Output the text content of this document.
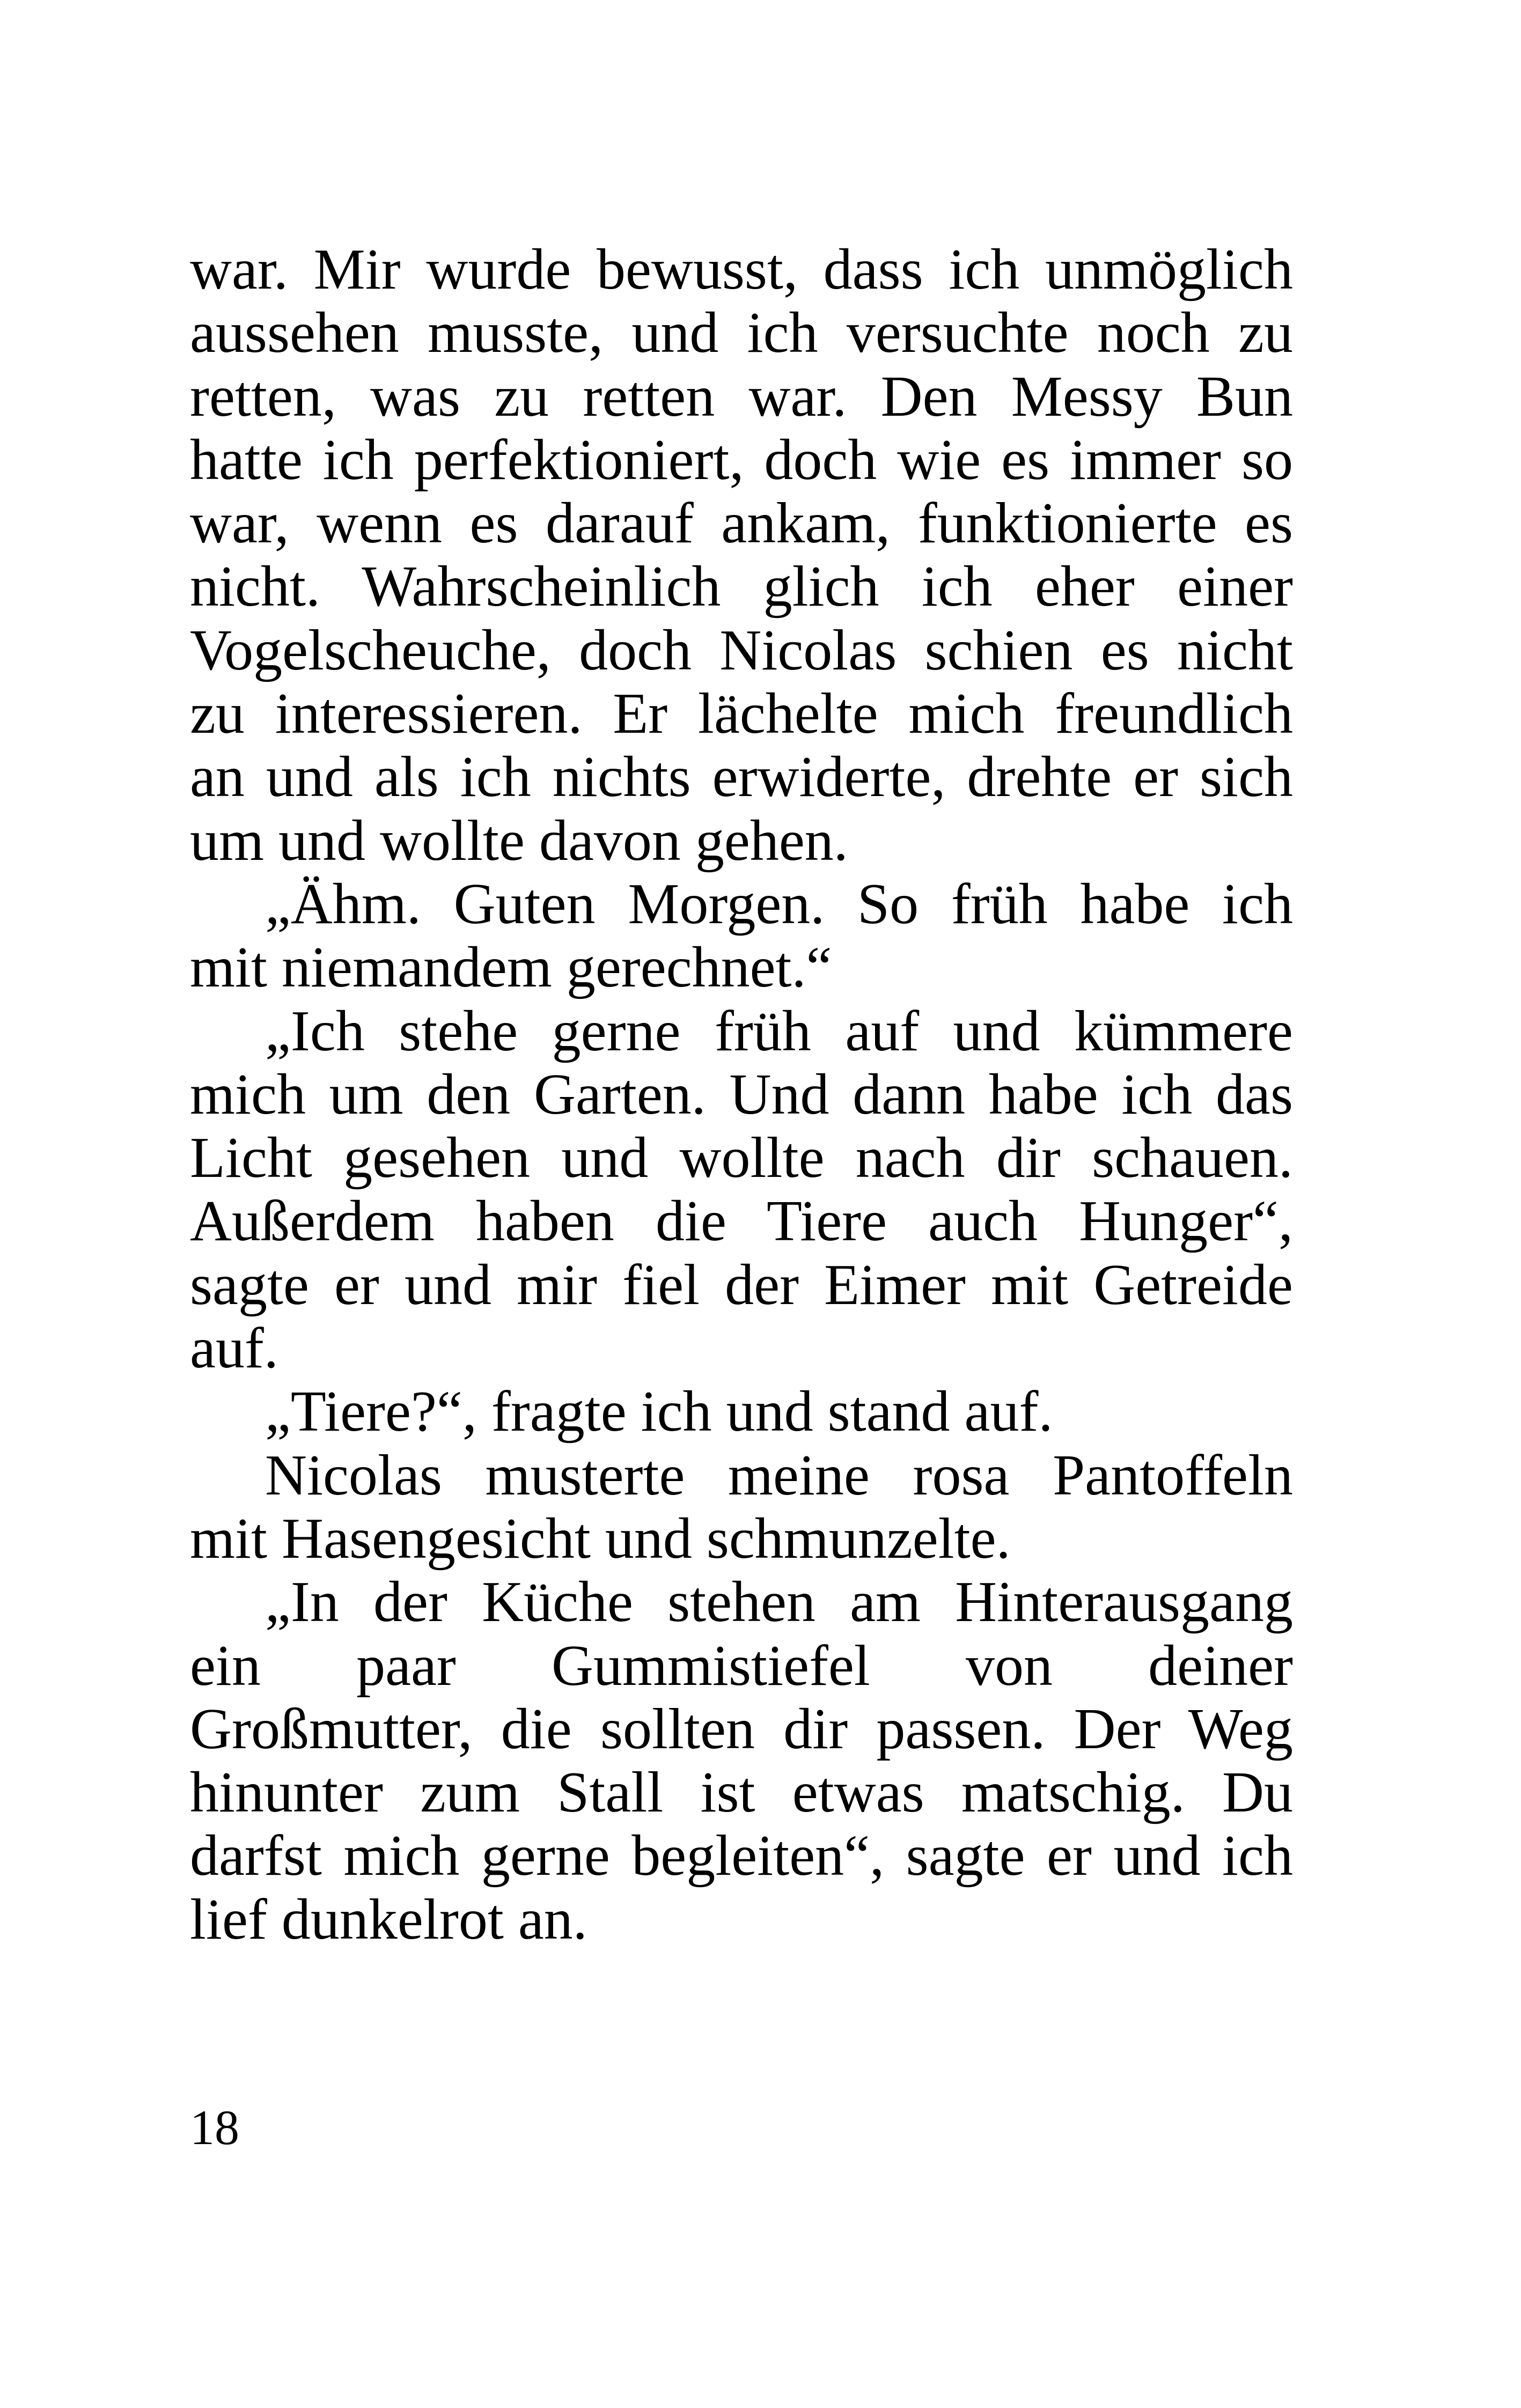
war. Mir wurde bewusst, dass ich unmöglich
aussehen musste, und ich versuchte noch zu
retten, was zu retten war. Den Messy Bun
hatte ich perfektioniert, doch wie es immer so
war, wenn es darauf ankam, funktionierte es
nicht. Wahrscheinlich glich ich eher einer
Vogelscheuche, doch Nicolas schien es nicht
zu interessieren. Er lächelte mich freundlich
an und als ich nichts erwiderte, drehte er sich
um und wollte davon gehen.
„Ähm. Guten Morgen. So früh habe ich
mit niemandem gerechnet.“
„Ich stehe gerne früh auf und kümmere
mich um den Garten. Und dann habe ich das
Licht gesehen und wollte nach dir schauen.
Außerdem haben die Tiere auch Hunger“,
sagte er und mir fiel der Eimer mit Getreide
auf.
„Tiere?“, fragte ich und stand auf.
Nicolas musterte meine rosa Pantoffeln
mit Hasengesicht und schmunzelte.
„In der Küche stehen am Hinterausgang
ein paar Gummistiefel von deiner
Großmutter, die sollten dir passen. Der Weg
hinunter zum Stall ist etwas matschig. Du
darfst mich gerne begleiten“, sagte er und ich
lief dunkelrot an.
18
